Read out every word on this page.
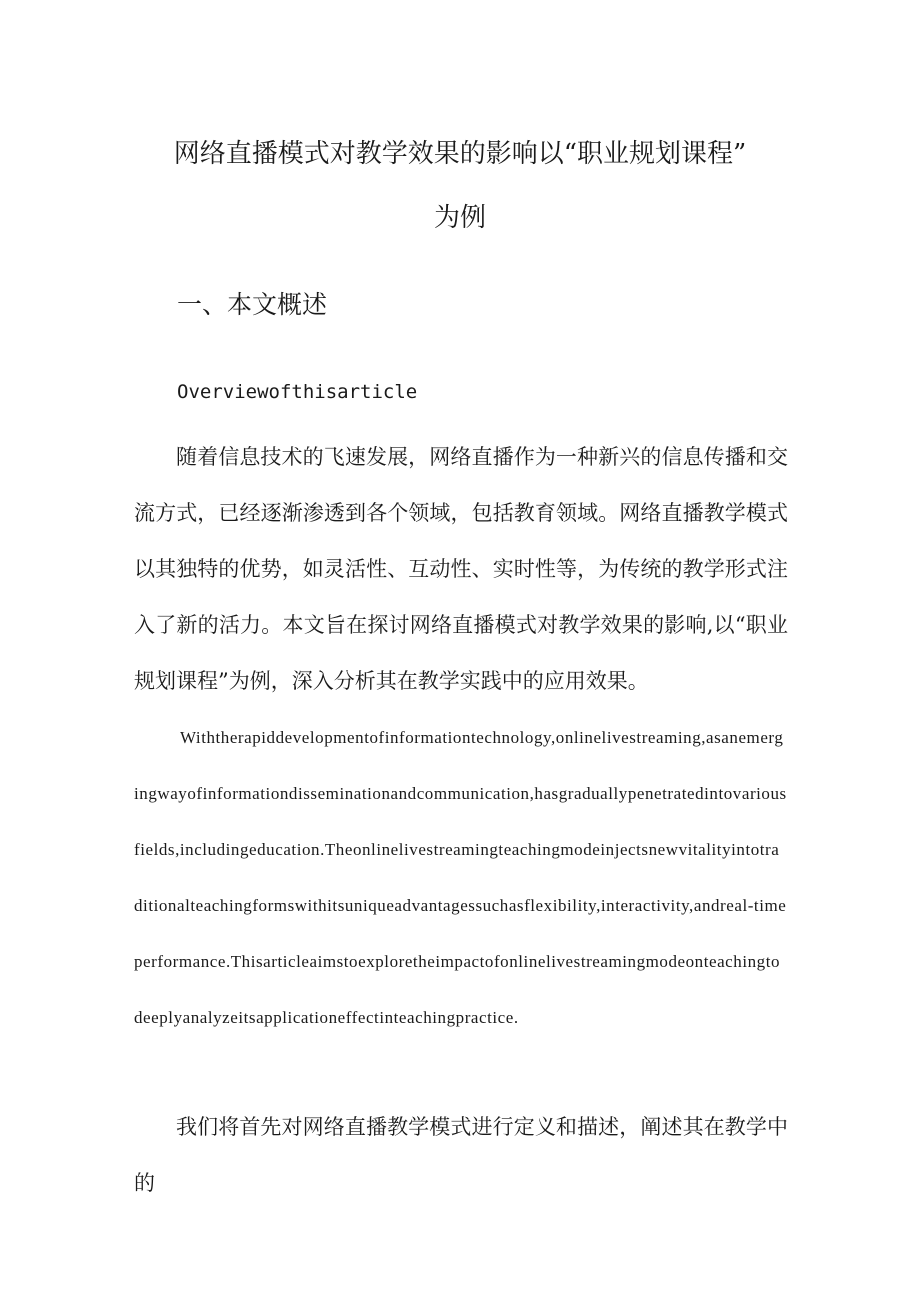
网络直播模式对教学效果的影响以“职业规划课程”
为例
一、本文概述
Overviewofthisarticle
随着信息技术的飞速发展，网络直播作为一种新兴的信息传播和交流方式，已经逐渐渗透到各个领域，包括教育领域。网络直播教学模式以其独特的优势，如灵活性、互动性、实时性等，为传统的教学形式注入了新的活力。本文旨在探讨网络直播模式对教学效果的影响,以“职业规划课程”为例，深入分析其在教学实践中的应用效果。
Withtherapiddevelopmentofinformationtechnology,onlinelivestreaming,asanemergingwayofinformationdisseminationandcommunication,hasgraduallypenetratedintovariousfields,includingeducation.Theonlinelivestreamingteachingmodeinjectsnewvitalityintotraditionalteachingformswithitsuniqueadvantagessuchasflexibility,interactivity,andreal-timeperformance.Thisarticleaimstoexploretheimpactofonlinelivestreamingmodeonteachingtodeeplyanalyzeitsapplicationeffectinteachingpractice.
我们将首先对网络直播教学模式进行定义和描述，阐述其在教学中的
